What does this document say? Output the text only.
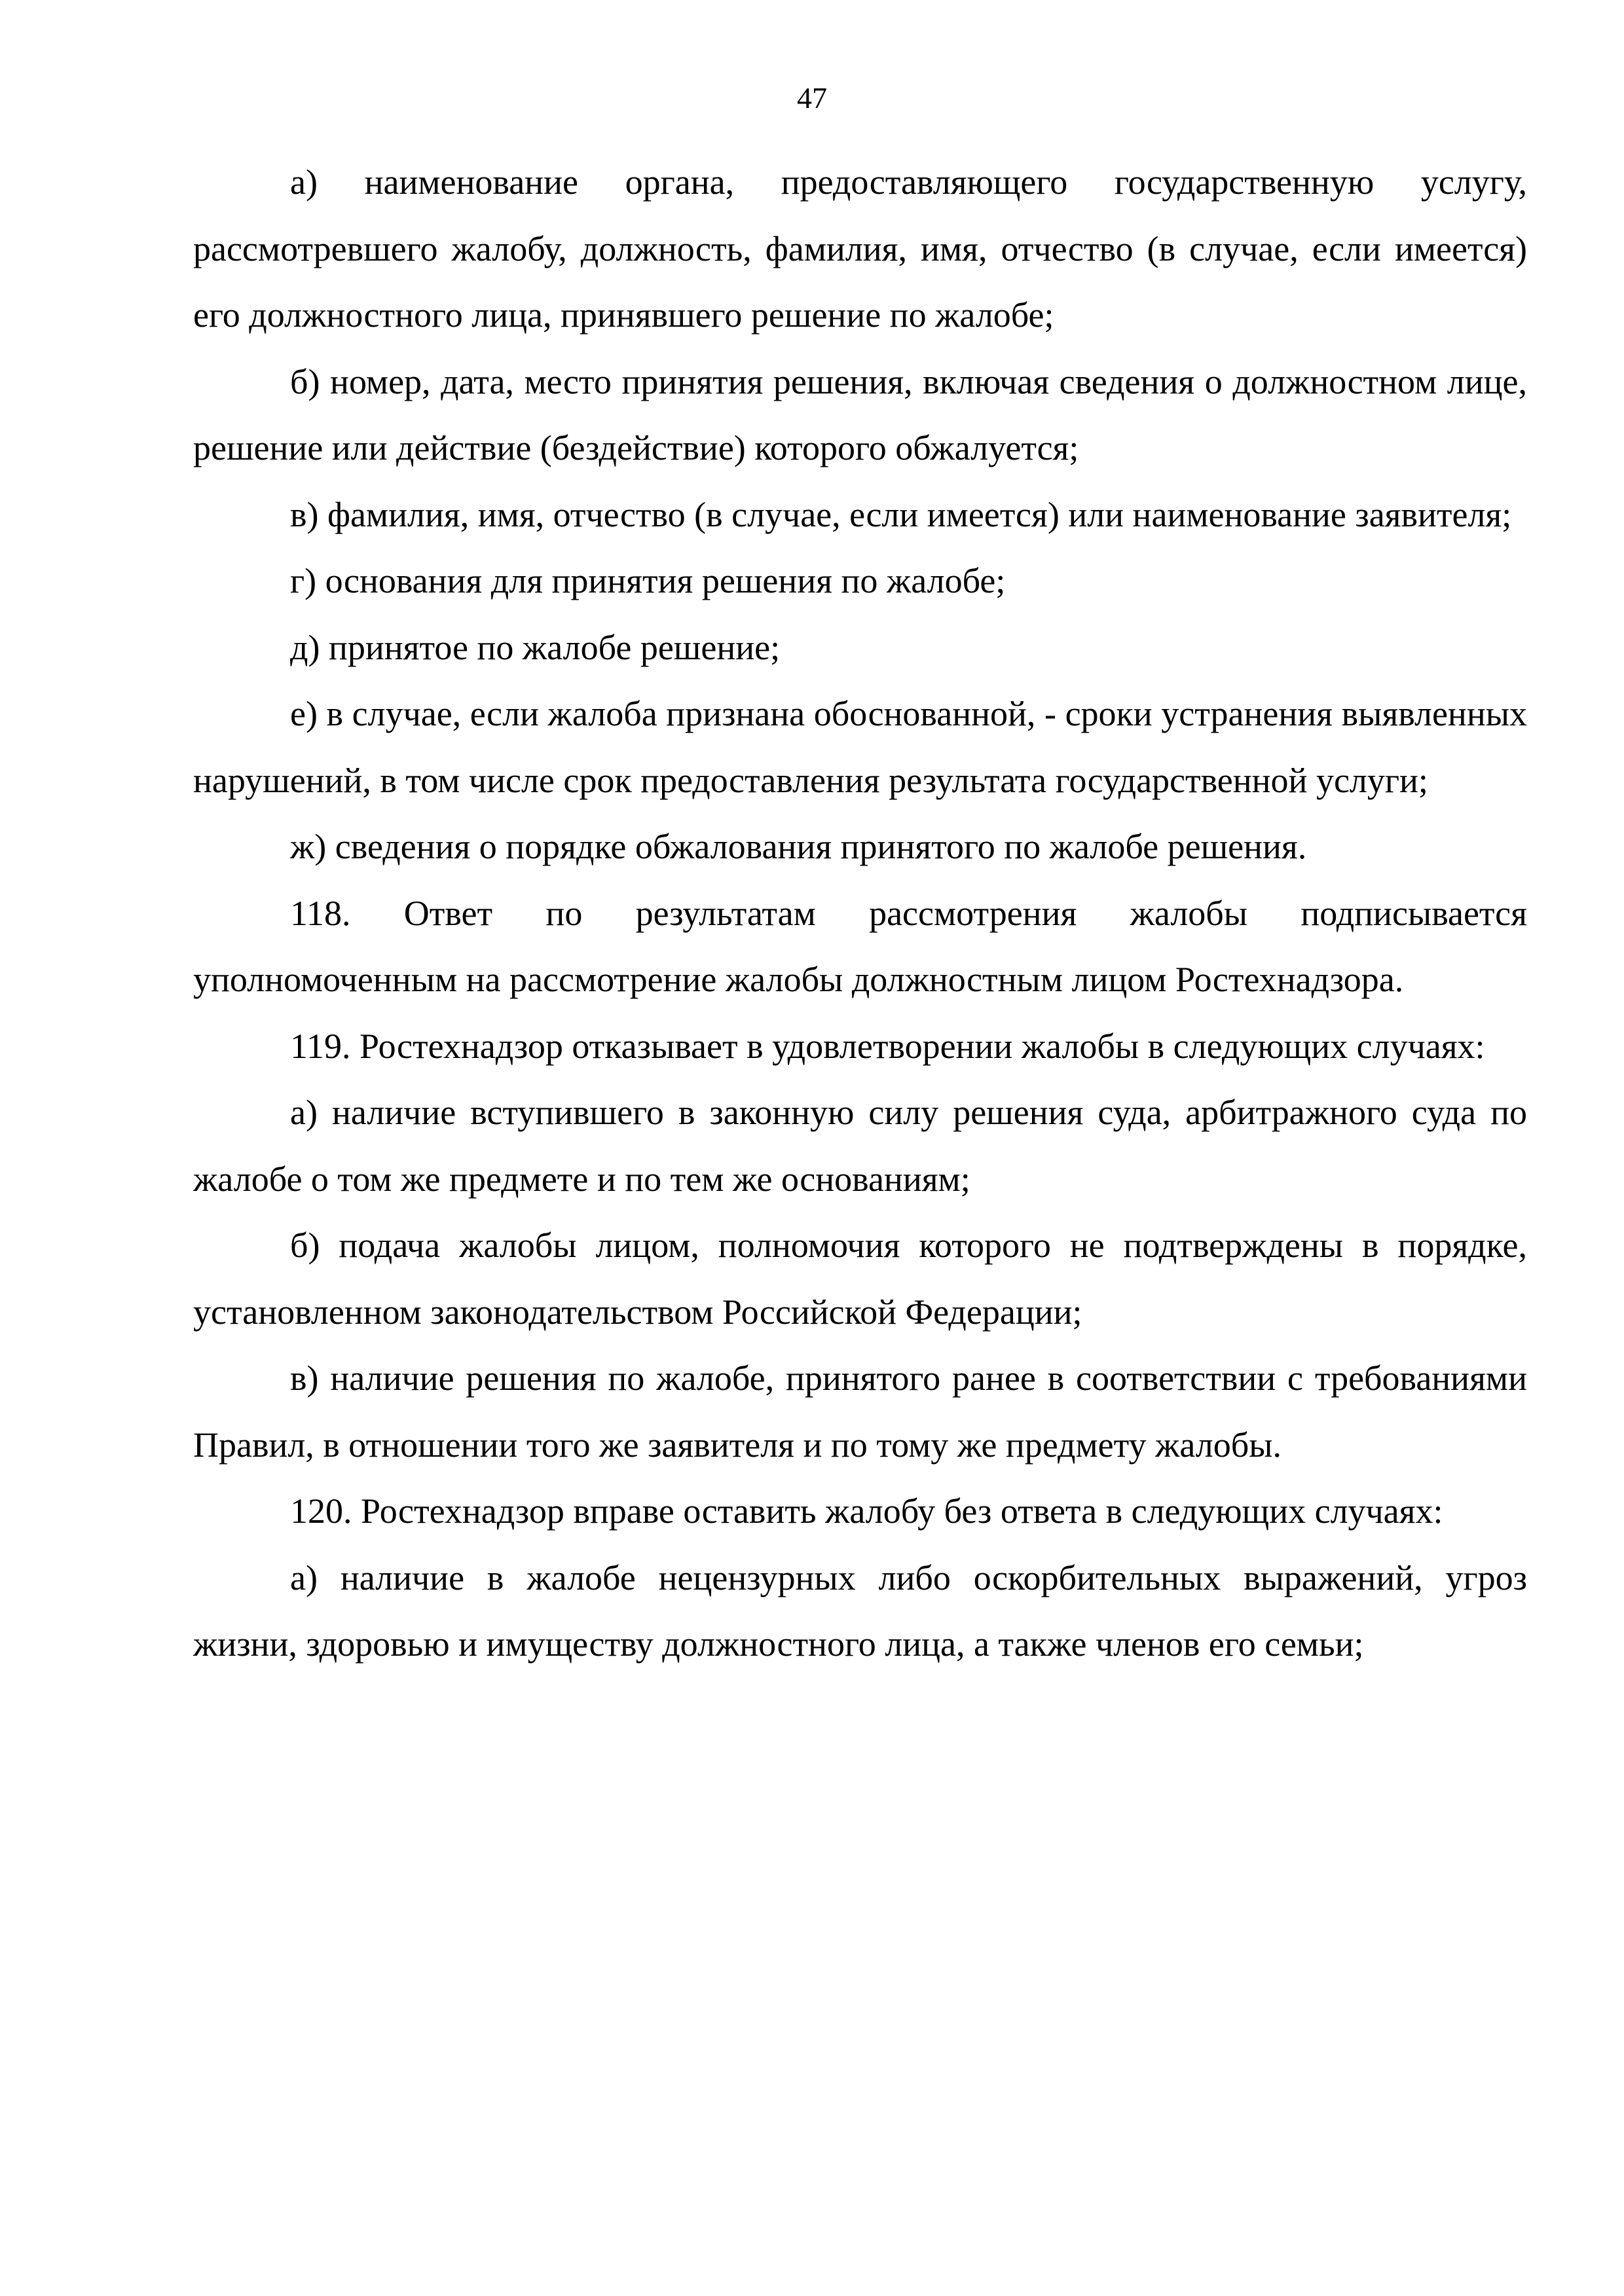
47

а) наименование органа, предоставляющего государственную услугу, рассмотревшего жалобу, должность, фамилия, имя, отчество (в случае, если имеется) его должностного лица, принявшего решение по жалобе;

б) номер, дата, место принятия решения, включая сведения о должностном лице, решение или действие (бездействие) которого обжалуется;

в) фамилия, имя, отчество (в случае, если имеется) или наименование заявителя;

г) основания для принятия решения по жалобе;

д) принятое по жалобе решение;

е) в случае, если жалоба признана обоснованной, - сроки устранения выявленных нарушений, в том числе срок предоставления результата государственной услуги;

ж) сведения о порядке обжалования принятого по жалобе решения.

118. Ответ по результатам рассмотрения жалобы подписывается уполномоченным на рассмотрение жалобы должностным лицом Ростехнадзора.

119. Ростехнадзор отказывает в удовлетворении жалобы в следующих случаях:

а) наличие вступившего в законную силу решения суда, арбитражного суда по жалобе о том же предмете и по тем же основаниям;

б) подача жалобы лицом, полномочия которого не подтверждены в порядке, установленном законодательством Российской Федерации;

в) наличие решения по жалобе, принятого ранее в соответствии с требованиями Правил, в отношении того же заявителя и по тому же предмету жалобы.

120. Ростехнадзор вправе оставить жалобу без ответа в следующих случаях:

а) наличие в жалобе нецензурных либо оскорбительных выражений, угроз жизни, здоровью и имуществу должностного лица, а также членов его семьи;
